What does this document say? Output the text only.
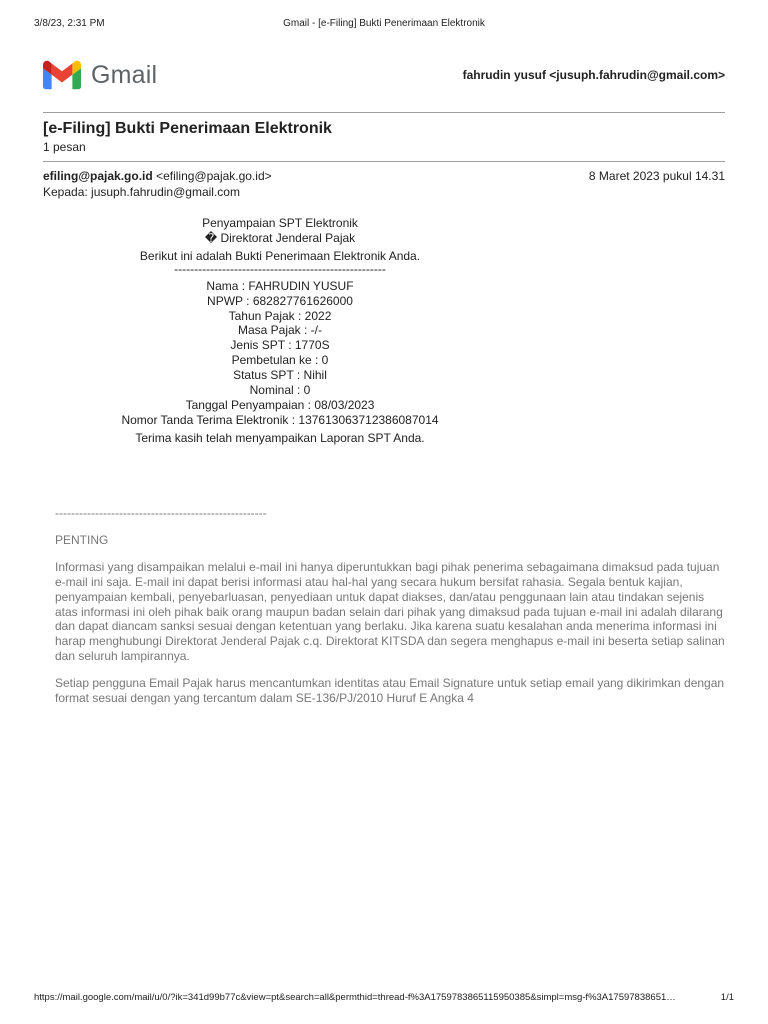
3/8/23, 2:31 PM	Gmail - [e-Filing] Bukti Penerimaan Elektronik
Gmail	fahrudin yusuf <jusuph.fahrudin@gmail.com>
[e-Filing] Bukti Penerimaan Elektronik
1 pesan
efiling@pajak.go.id <efiling@pajak.go.id>	8 Maret 2023 pukul 14.31
Kepada: jusuph.fahrudin@gmail.com
Penyampaian SPT Elektronik
� Direktorat Jenderal Pajak
Berikut ini adalah Bukti Penerimaan Elektronik Anda.
-----------------------------------------------------
Nama : FAHRUDIN YUSUF
NPWP : 682827761626000
Tahun Pajak : 2022
Masa Pajak : -/-
Jenis SPT : 1770S
Pembetulan ke : 0
Status SPT : Nihil
Nominal : 0
Tanggal Penyampaian : 08/03/2023
Nomor Tanda Terima Elektronik : 137613063712386087014
Terima kasih telah menyampaikan Laporan SPT Anda.
-----------------------------------------------------
PENTING

Informasi yang disampaikan melalui e-mail ini hanya diperuntukkan bagi pihak penerima sebagaimana dimaksud pada tujuan e-mail ini saja. E-mail ini dapat berisi informasi atau hal-hal yang secara hukum bersifat rahasia. Segala bentuk kajian, penyampaian kembali, penyebarluasan, penyediaan untuk dapat diakses, dan/atau penggunaan lain atau tindakan sejenis atas informasi ini oleh pihak baik orang maupun badan selain dari pihak yang dimaksud pada tujuan e-mail ini adalah dilarang dan dapat diancam sanksi sesuai dengan ketentuan yang berlaku. Jika karena suatu kesalahan anda menerima informasi ini harap menghubungi Direktorat Jenderal Pajak c.q. Direktorat KITSDA dan segera menghapus e-mail ini beserta setiap salinan dan seluruh lampirannya.

Setiap pengguna Email Pajak harus mencantumkan identitas atau Email Signature untuk setiap email yang dikirimkan dengan format sesuai dengan yang tercantum dalam SE-136/PJ/2010 Huruf E Angka 4

https://mail.google.com/mail/u/0/?ik=341d99b77c&view=pt&search=all&permthid=thread-f%3A1759783865115950385&simpl=msg-f%3A17597838651…	1/1
